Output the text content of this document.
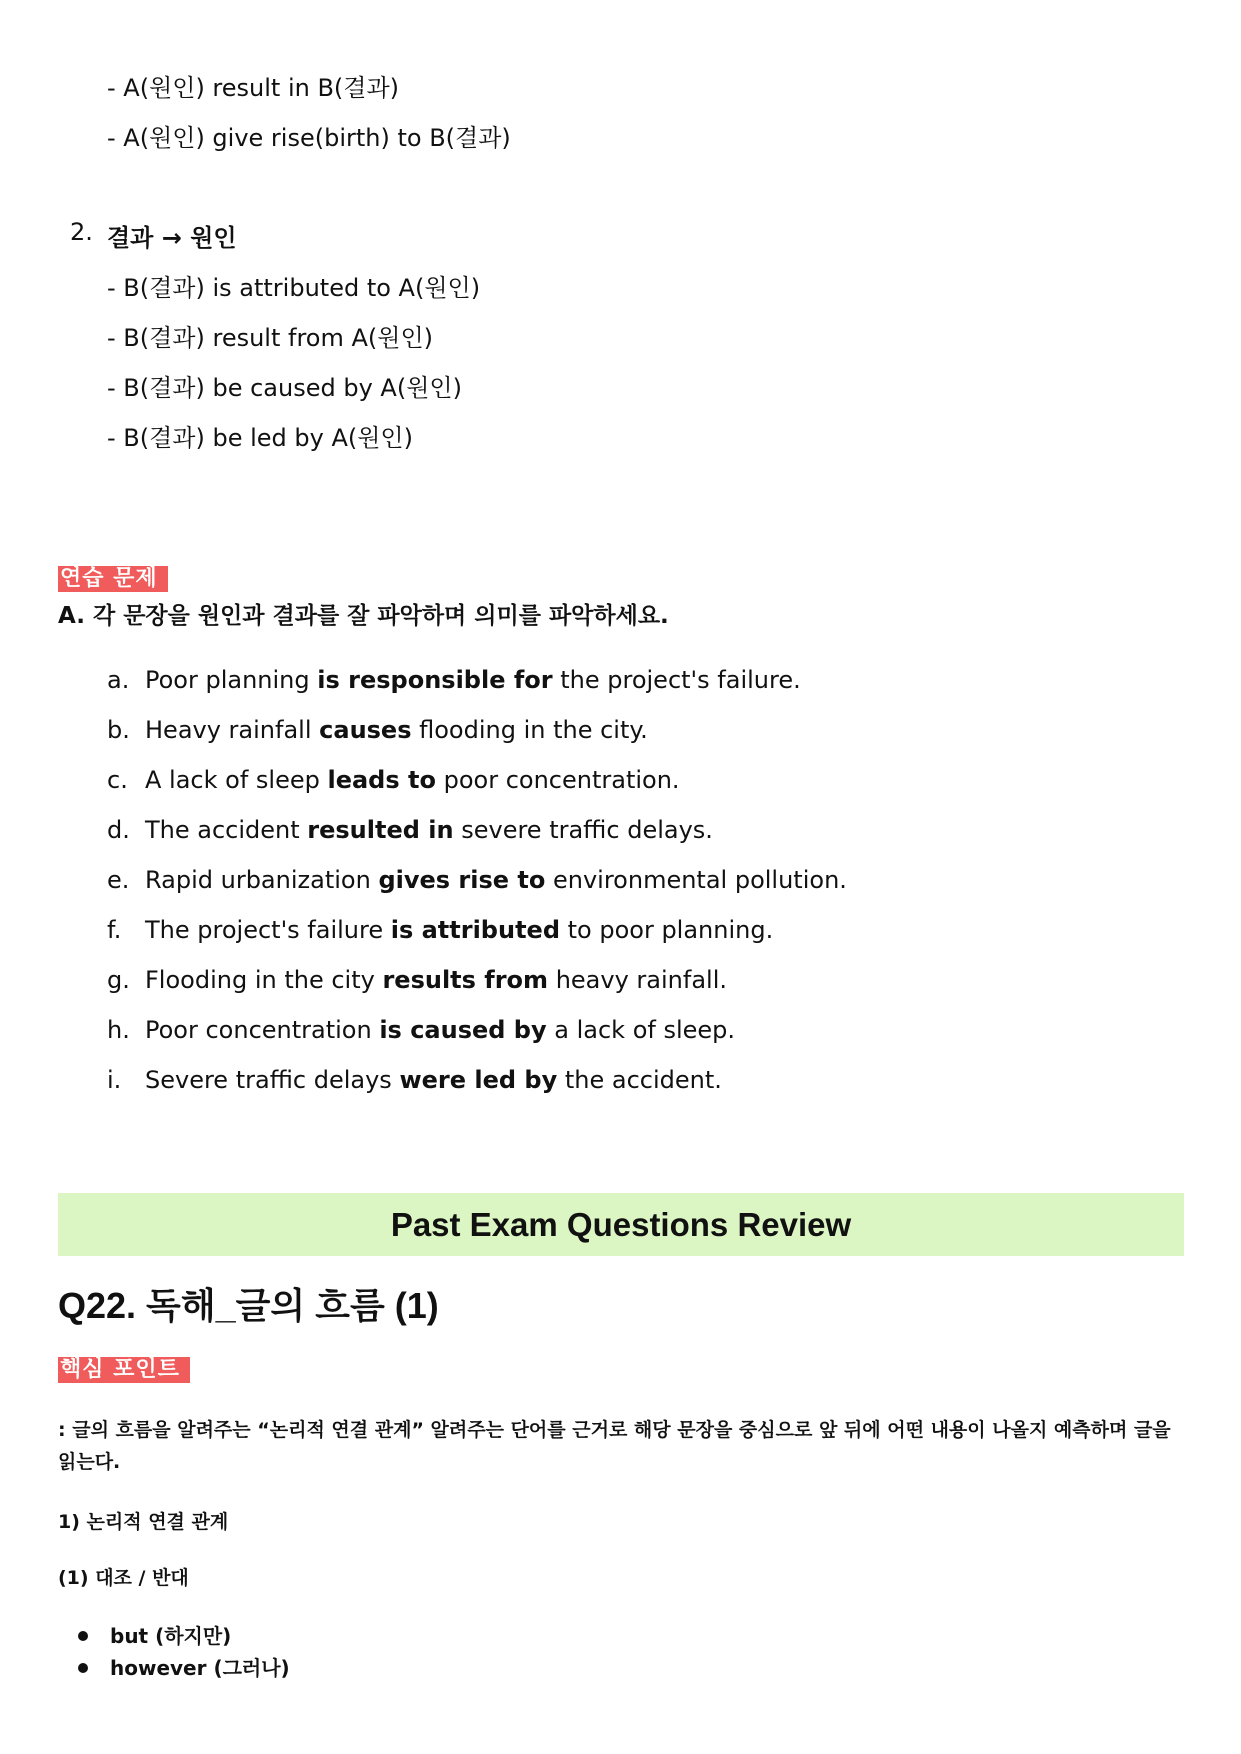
- A(원인) result in B(결과)
- A(원인) give rise(birth) to B(결과)
2. 결과 → 원인
- B(결과) is attributed to A(원인)
- B(결과) result from A(원인)
- B(결과) be caused by A(원인)
- B(결과) be led by A(원인)
연습 문제
A. 각 문장을 원인과 결과를 잘 파악하며 의미를 파악하세요.
a. Poor planning is responsible for the project's failure.
b. Heavy rainfall causes flooding in the city.
c. A lack of sleep leads to poor concentration.
d. The accident resulted in severe traffic delays.
e. Rapid urbanization gives rise to environmental pollution.
f. The project's failure is attributed to poor planning.
g. Flooding in the city results from heavy rainfall.
h. Poor concentration is caused by a lack of sleep.
i. Severe traffic delays were led by the accident.
Past Exam Questions Review
Q22. 독해_글의 흐름 (1)
핵심 포인트
: 글의 흐름을 알려주는 “논리적 연결 관계” 알려주는 단어를 근거로 해당 문장을 중심으로 앞 뒤에 어떤 내용이 나올지 예측하며 글을 읽는다.
1) 논리적 연결 관계
(1) 대조 / 반대
but (하지만)
however (그러나)
